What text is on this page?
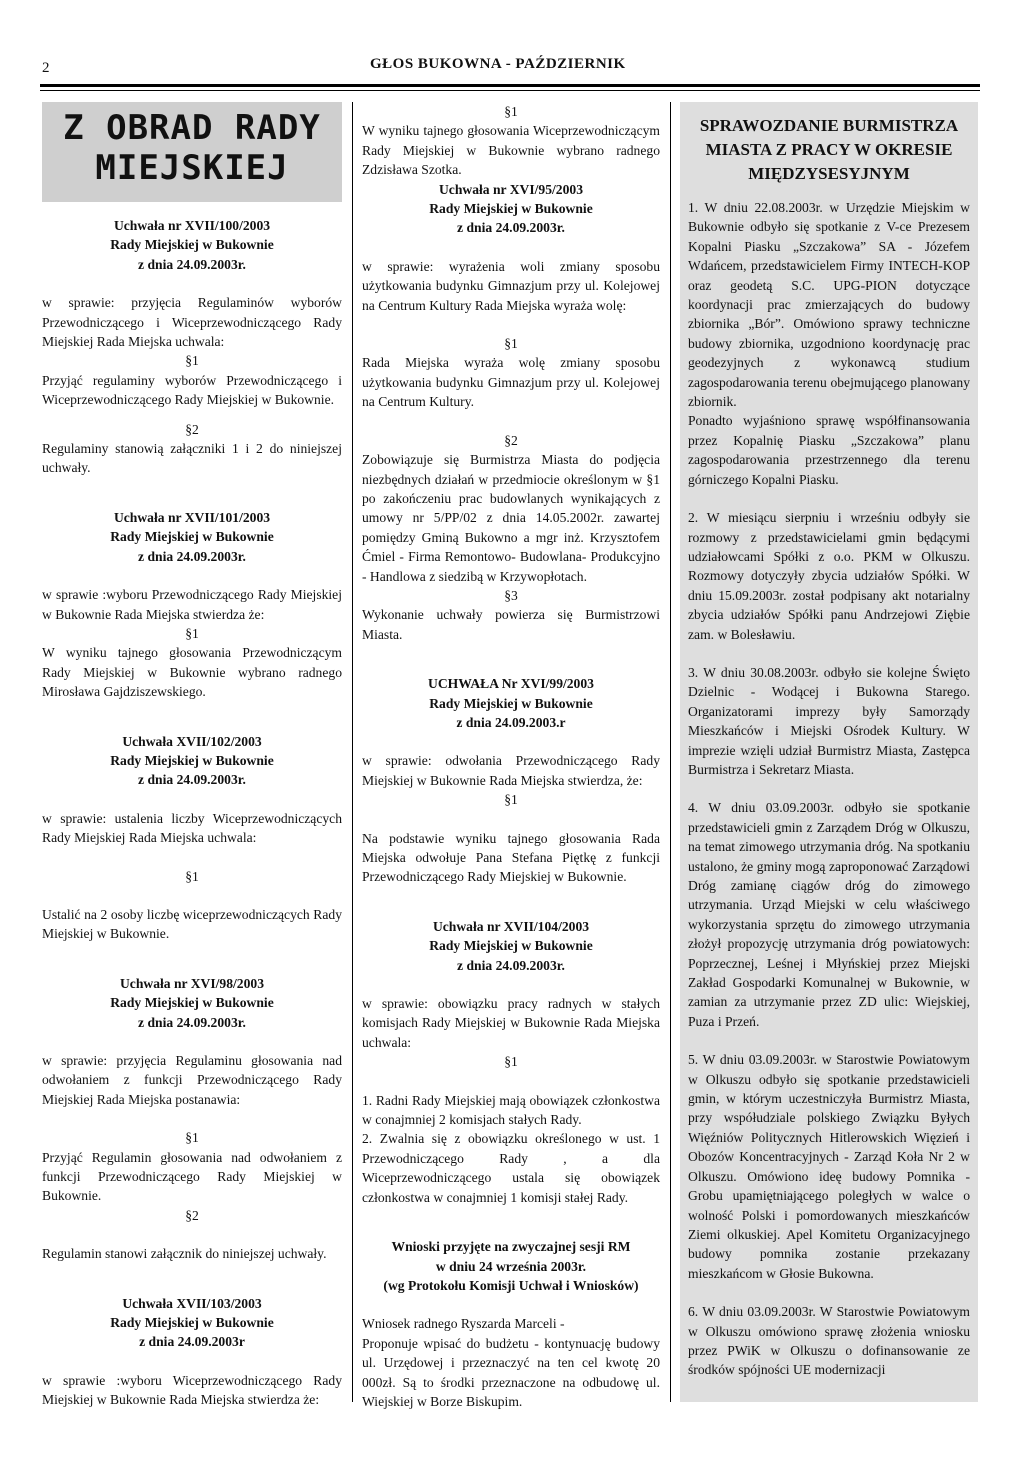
2	GŁOS BUKOWNA - PAŹDZIERNIK
Z OBRAD RADY
MIEJSKIEJ

Uchwała nr XVII/100/2003

Rady Miejskiej w Bukownie

z dnia 24.09.2003r.

w sprawie: przyjęcia Regulaminów wyborów Przewodniczącego i Wiceprzewodniczącego Rady Miejskiej Rada Miejska uchwala:

§1

Przyjąć regulaminy wyborów Przewodniczącego i Wiceprzewodniczącego Rady Miejskiej w Bukownie.

§2

Regulaminy stanowią załączniki 1 i 2 do niniejszej uchwały.

Uchwała nr XVII/101/2003

Rady Miejskiej w Bukownie

z dnia 24.09.2003r.

w sprawie :wyboru Przewodniczącego Rady Miejskiej w Bukownie Rada Miejska stwierdza że:

§1

W wyniku tajnego głosowania Przewodniczącym Rady Miejskiej w Bukownie wybrano radnego Mirosława Gajdziszewskiego.

Uchwała XVII/102/2003

Rady Miejskiej w Bukownie

z dnia 24.09.2003r.

w sprawie: ustalenia liczby Wiceprzewodniczących Rady Miejskiej Rada Miejska uchwala:

§1

Ustalić na 2 osoby liczbę wiceprzewodniczących Rady Miejskiej w Bukownie.

Uchwała nr XVI/98/2003

Rady Miejskiej w Bukownie

z dnia 24.09.2003r.

w sprawie: przyjęcia Regulaminu głosowania nad odwołaniem z funkcji Przewodniczącego Rady Miejskiej Rada Miejska postanawia:

§1

Przyjąć Regulamin głosowania nad odwołaniem z funkcji Przewodniczącego Rady Miejskiej w Bukownie.

§2

Regulamin stanowi załącznik do niniejszej uchwały.

Uchwała XVII/103/2003

Rady Miejskiej w Bukownie

z dnia 24.09.2003r

w sprawie :wyboru Wiceprzewodniczącego Rady Miejskiej w Bukownie Rada Miejska stwierdza że:

§1

W wyniku tajnego głosowania Wiceprzewodniczącym Rady Miejskiej w Bukownie wybrano radnego Zdzisława Szotka.

Uchwała nr XVI/95/2003

Rady Miejskiej w Bukownie

z dnia 24.09.2003r.

w sprawie: wyrażenia woli zmiany sposobu użytkowania budynku Gimnazjum przy ul. Kolejowej na Centrum Kultury Rada Miejska wyraża wolę:

§1

Rada Miejska wyraża wolę zmiany sposobu użytkowania budynku Gimnazjum przy ul. Kolejowej na Centrum Kultury.

§2

Zobowiązuje się Burmistrza Miasta do podjęcia niezbędnych działań w przedmiocie określonym w §1 po zakończeniu prac budowlanych wynikających z umowy nr 5/PP/02 z dnia 14.05.2002r. zawartej pomiędzy Gminą Bukowno a mgr inż. Krzysztofem Ćmiel - Firma Remontowo- Budowlana- Produkcyjno - Handlowa z siedzibą w Krzywopłotach.

§3

Wykonanie uchwały powierza się Burmistrzowi Miasta.

UCHWAŁA Nr XVI/99/2003

Rady Miejskiej w Bukownie

z dnia 24.09.2003.r

w sprawie: odwołania Przewodniczącego Rady Miejskiej w Bukownie Rada Miejska stwierdza, że:

§1

Na podstawie wyniku tajnego głosowania Rada Miejska odwołuje Pana Stefana Piętkę z funkcji Przewodniczącego Rady Miejskiej w Bukownie.

Uchwała nr XVII/104/2003

Rady Miejskiej w Bukownie

z dnia 24.09.2003r.

w sprawie: obowiązku pracy radnych w stałych komisjach Rady Miejskiej w Bukownie Rada Miejska uchwala:

§1

1. Radni Rady Miejskiej mają obowiązek członkostwa w conajmniej 2 komisjach stałych Rady.

2. Zwalnia się z obowiązku określonego w ust. 1 Przewodniczącego Rady , a dla Wiceprzewodniczącego ustala się obowiązek członkostwa w conajmniej 1 komisji stałej Rady.

Wnioski przyjęte na zwyczajnej sesji RM

w dniu 24 września 2003r.

(wg Protokołu Komisji Uchwał i Wniosków)

Wniosek radnego Ryszarda Marceli -

Proponuje wpisać do budżetu - kontynuację budowy ul. Urzędowej i przeznaczyć na ten cel kwotę 20 000zł. Są to środki przeznaczone na odbudowę ul. Wiejskiej w Borze Biskupim.

SPRAWOZDANIE BURMISTRZA
MIASTA Z PRACY W OKRESIE
MIĘDZYSESYJNYM

1. W dniu 22.08.2003r. w Urzędzie Miejskim w Bukownie odbyło się spotkanie z V-ce Prezesem Kopalni Piasku „Szczakowa” SA - Józefem Wdańcem, przedstawicielem Firmy INTECH-KOP oraz geodetą S.C. UPG-PION dotyczące koordynacji prac zmierzających do budowy zbiornika „Bór”. Omówiono sprawy techniczne budowy zbiornika, uzgodniono koordynację prac geodezyjnych z wykonawcą studium zagospodarowania terenu obejmującego planowany zbiornik.

Ponadto wyjaśniono sprawę współfinansowania przez Kopalnię Piasku „Szczakowa” planu zagospodarowania przestrzennego dla terenu górniczego Kopalni Piasku.

2. W miesiącu sierpniu i wrześniu odbyły sie rozmowy z przedstawicielami gmin będącymi udziałowcami Spółki z o.o. PKM w Olkuszu. Rozmowy dotyczyły zbycia udziałów Spółki. W dniu 15.09.2003r. został podpisany akt notarialny zbycia udziałów Spółki panu Andrzejowi Ziębie zam. w Bolesławiu.

3. W dniu 30.08.2003r. odbyło sie kolejne Święto Dzielnic - Wodącej i Bukowna Starego. Organizatorami imprezy były Samorządy Mieszkańców i Miejski Ośrodek Kultury. W imprezie wzięli udział Burmistrz Miasta, Zastępca Burmistrza i Sekretarz Miasta.

4. W dniu 03.09.2003r. odbyło sie spotkanie przedstawicieli gmin z Zarządem Dróg w Olkuszu, na temat zimowego utrzymania dróg. Na spotkaniu ustalono, że gminy mogą zaproponować Zarządowi Dróg zamianę ciągów dróg do zimowego utrzymania. Urząd Miejski w celu właściwego wykorzystania sprzętu do zimowego utrzymania złożył propozycję utrzymania dróg powiatowych: Poprzecznej, Leśnej i Młyńskiej przez Miejski Zakład Gospodarki Komunalnej w Bukownie, w zamian za utrzymanie przez ZD ulic: Wiejskiej, Puza i Przeń.

5. W dniu 03.09.2003r. w Starostwie Powiatowym w Olkuszu odbyło się spotkanie przedstawicieli gmin, w którym uczestniczyła Burmistrz Miasta, przy współudziale polskiego Związku Byłych Więźniów Politycznych Hitlerowskich Więzień i Obozów Koncentracyjnych - Zarząd Koła Nr 2 w Olkuszu. Omówiono ideę budowy Pomnika - Grobu upamiętniającego poległych w walce o wolność Polski i pomordowanych mieszkańców Ziemi olkuskiej. Apel Komitetu Organizacyjnego budowy pomnika zostanie przekazany mieszkańcom w Głosie Bukowna.

6. W dniu 03.09.2003r. W Starostwie Powiatowym w Olkuszu omówiono sprawę złożenia wniosku przez PWiK w Olkuszu o dofinansowanie ze środków spójności UE modernizacji
